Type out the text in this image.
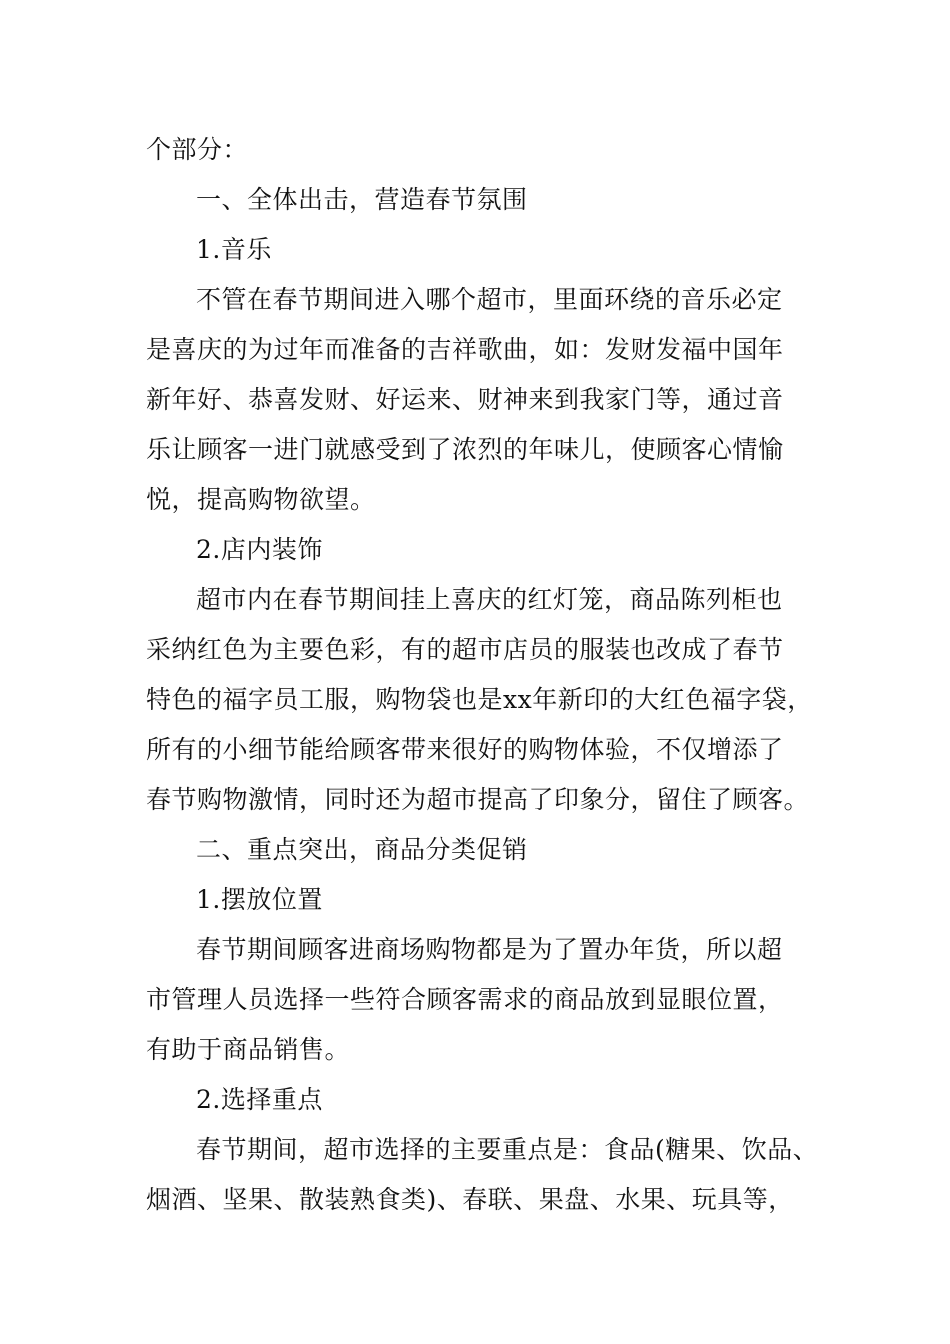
个部分：
一、全体出击，营造春节氛围
1.音乐
不管在春节期间进入哪个超市，里面环绕的音乐必定
是喜庆的为过年而准备的吉祥歌曲，如：发财发福中国年
新年好、恭喜发财、好运来、财神来到我家门等，通过音
乐让顾客一进门就感受到了浓烈的年味儿，使顾客心情愉
悦，提高购物欲望。
2.店内装饰
超市内在春节期间挂上喜庆的红灯笼，商品陈列柜也
采纳红色为主要色彩，有的超市店员的服装也改成了春节
特色的福字员工服，购物袋也是xx年新印的大红色福字袋，
所有的小细节能给顾客带来很好的购物体验，不仅增添了
春节购物激情，同时还为超市提高了印象分，留住了顾客。
二、重点突出，商品分类促销
1.摆放位置
春节期间顾客进商场购物都是为了置办年货，所以超
市管理人员选择一些符合顾客需求的商品放到显眼位置，
有助于商品销售。
2.选择重点
春节期间，超市选择的主要重点是：食品(糖果、饮品、
烟酒、坚果、散装熟食类)、春联、果盘、水果、玩具等，
